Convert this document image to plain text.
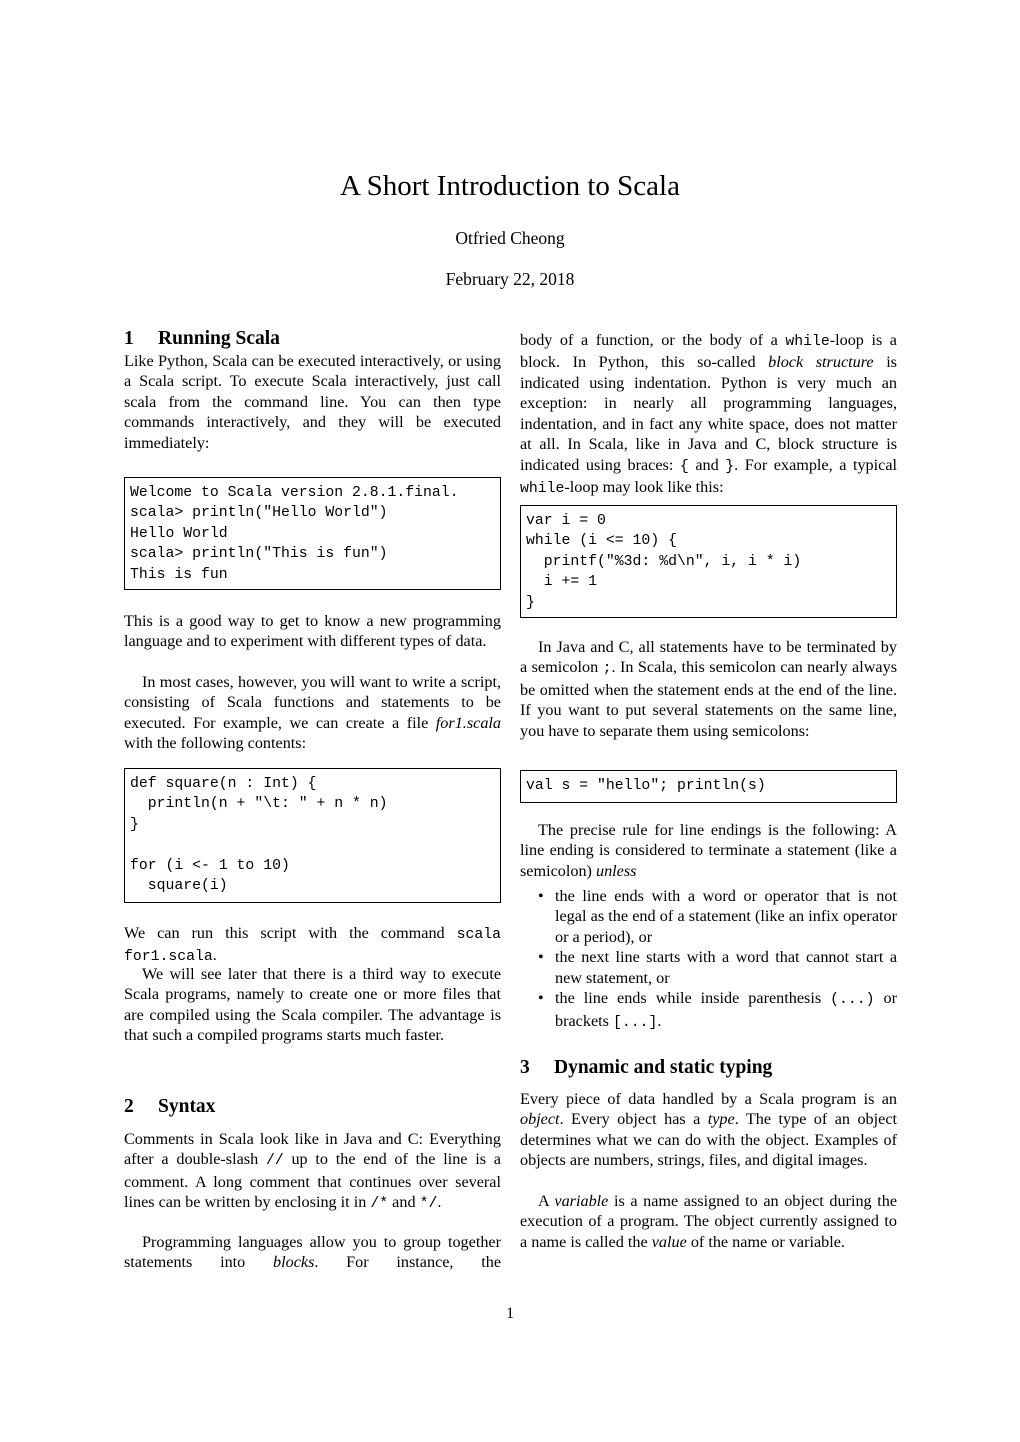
A Short Introduction to Scala
Otfried Cheong
February 22, 2018
1 Running Scala

Like Python, Scala can be executed interactively, or using a Scala script. To execute Scala interactively, just call scala from the command line. You can then type commands interactively, and they will be executed immediately:

Welcome to Scala version 2.8.1.final.
scala> println("Hello World")
Hello World
scala> println("This is fun")
This is fun

This is a good way to get to know a new programming language and to experiment with different types of data.

In most cases, however, you will want to write a script, consisting of Scala functions and statements to be executed. For example, we can create a file for1.scala with the following contents:

def square(n : Int) {
println(n + "\t: " + n * n)
}
for (i <- 1 to 10)
square(i)

We can run this script with the command scala for1.scala.

We will see later that there is a third way to execute Scala programs, namely to create one or more files that are compiled using the Scala compiler. The advantage is that such a compiled programs starts much faster.

2 Syntax

Comments in Scala look like in Java and C: Everything after a double-slash // up to the end of the line is a comment. A long comment that continues over several lines can be written by enclosing it in /* and */.

Programming languages allow you to group together statements into blocks. For instance, the

body of a function, or the body of a while-loop is a block. In Python, this so-called block structure is indicated using indentation. Python is very much an exception: in nearly all programming languages, indentation, and in fact any white space, does not matter at all. In Scala, like in Java and C, block structure is indicated using braces: { and }. For example, a typical while-loop may look like this:

var i = 0
while (i <= 10) {
printf("%3d: %d\n", i, i * i)
i += 1
}

In Java and C, all statements have to be terminated by a semicolon ;. In Scala, this semicolon can nearly always be omitted when the statement ends at the end of the line. If you want to put several statements on the same line, you have to separate them using semicolons:

val s = "hello"; println(s)

The precise rule for line endings is the following: A line ending is considered to terminate a statement (like a semicolon) unless

• the line ends with a word or operator that is not legal as the end of a statement (like an infix operator or a period), or
• the next line starts with a word that cannot start a new statement, or
• the line ends while inside parenthesis (...) or brackets [...].
3 Dynamic and static typing

Every piece of data handled by a Scala program is an object. Every object has a type. The type of an object determines what we can do with the object. Examples of objects are numbers, strings, files, and digital images.

A variable is a name assigned to an object during the execution of a program. The object currently assigned to a name is called the value of the name or variable.

1
